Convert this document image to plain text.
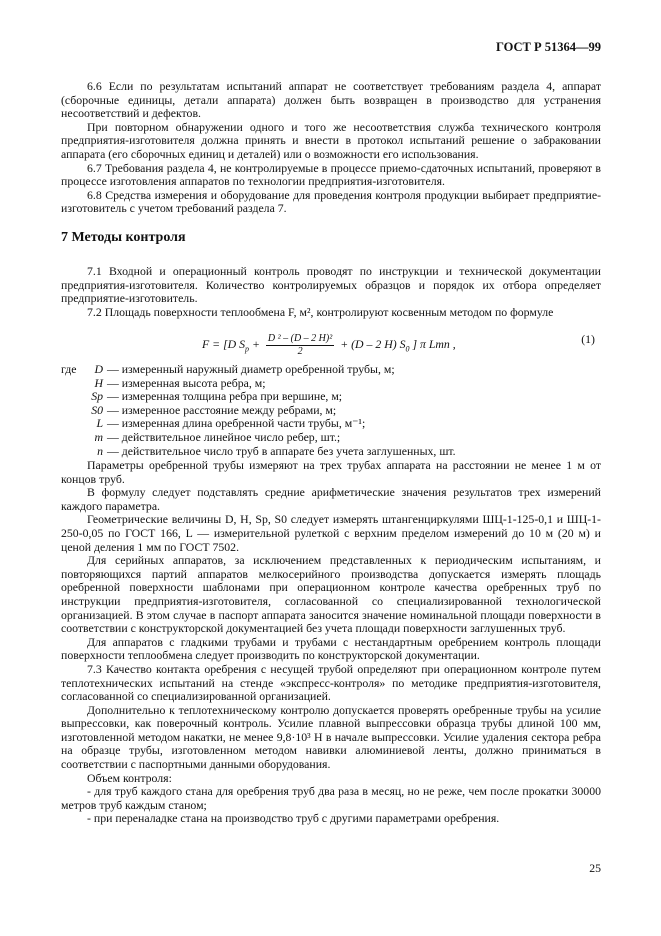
ГОСТ Р 51364—99

6.6 Если по результатам испытаний аппарат не соответствует требованиям раздела 4, аппарат (сборочные единицы, детали аппарата) должен быть возвращен в производство для устранения несоответствий и дефектов.

При повторном обнаружении одного и того же несоответствия служба технического контроля предприятия-изготовителя должна принять и внести в протокол испытаний решение о забраковании аппарата (его сборочных единиц и деталей) или о возможности его использования.

6.7 Требования раздела 4, не контролируемые в процессе приемо-сдаточных испытаний, проверяют в процессе изготовления аппаратов по технологии предприятия-изготовителя.

6.8 Средства измерения и оборудование для проведения контроля продукции выбирает предприятие-изготовитель с учетом требований раздела 7.

7 Методы контроля

7.1 Входной и операционный контроль проводят по инструкции и технической документации предприятия-изготовителя. Количество контролируемых образцов и порядок их отбора определяет предприятие-изготовитель.

7.2 Площадь поверхности теплообмена F, м², контролируют косвенным методом по формуле

F = [D $S_р + \frac{\text{D ² – (D – 2 H)²}}{2} + (D - 2$ H) $S_0$ ] π Lmn ,	(1)
где	D — измеренный наружный диаметр оребренной трубы, м;
H — измеренная высота ребра, м;
Sр — измеренная толщина ребра при вершине, м;
S0 — измеренное расстояние между ребрами, м;
L — измеренная длина оребренной части трубы, м⁻¹;
m — действительное линейное число ребер, шт.;
n — действительное число труб в аппарате без учета заглушенных, шт.

Параметры оребренной трубы измеряют на трех трубах аппарата на расстоянии не менее 1 м от концов труб.

В формулу следует подставлять средние арифметические значения результатов трех измерений каждого параметра.

Геометрические величины D, H, Sр, S0 следует измерять штангенциркулями ШЦ-1-125-0,1 и ШЦ-1-250-0,05 по ГОСТ 166, L — измерительной рулеткой с верхним пределом измерений до 10 м (20 м) и ценой деления 1 мм по ГОСТ 7502.

Для серийных аппаратов, за исключением представленных к периодическим испытаниям, и повторяющихся партий аппаратов мелкосерийного производства допускается измерять площадь оребренной поверхности шаблонами при операционном контроле качества оребренных труб по инструкции предприятия-изготовителя, согласованной со специализированной технологической организацией. В этом случае в паспорт аппарата заносится значение номинальной площади поверхности в соответствии с конструкторской документацией без учета площади поверхности заглушенных труб.

Для аппаратов с гладкими трубами и трубами с нестандартным оребрением контроль площади поверхности теплообмена следует производить по конструкторской документации.

7.3 Качество контакта оребрения с несущей трубой определяют при операционном контроле путем теплотехнических испытаний на стенде «экспресс-контроля» по методике предприятия-изготовителя, согласованной со специализированной организацией.

Дополнительно к теплотехническому контролю допускается проверять оребренные трубы на усилие выпрессовки, как поверочный контроль. Усилие плавной выпрессовки образца трубы длиной 100 мм, изготовленной методом накатки, не менее 9,8·10³ Н в начале выпрессовки. Усилие удаления сектора ребра на образце трубы, изготовленном методом навивки алюминиевой ленты, должно приниматься в соответствии с паспортными данными оборудования.

Объем контроля:

- для труб каждого стана для оребрения труб два раза в месяц, но не реже, чем после прокатки 30000 метров труб каждым станом;

- при переналадке стана на производство труб с другими параметрами оребрения.

25
